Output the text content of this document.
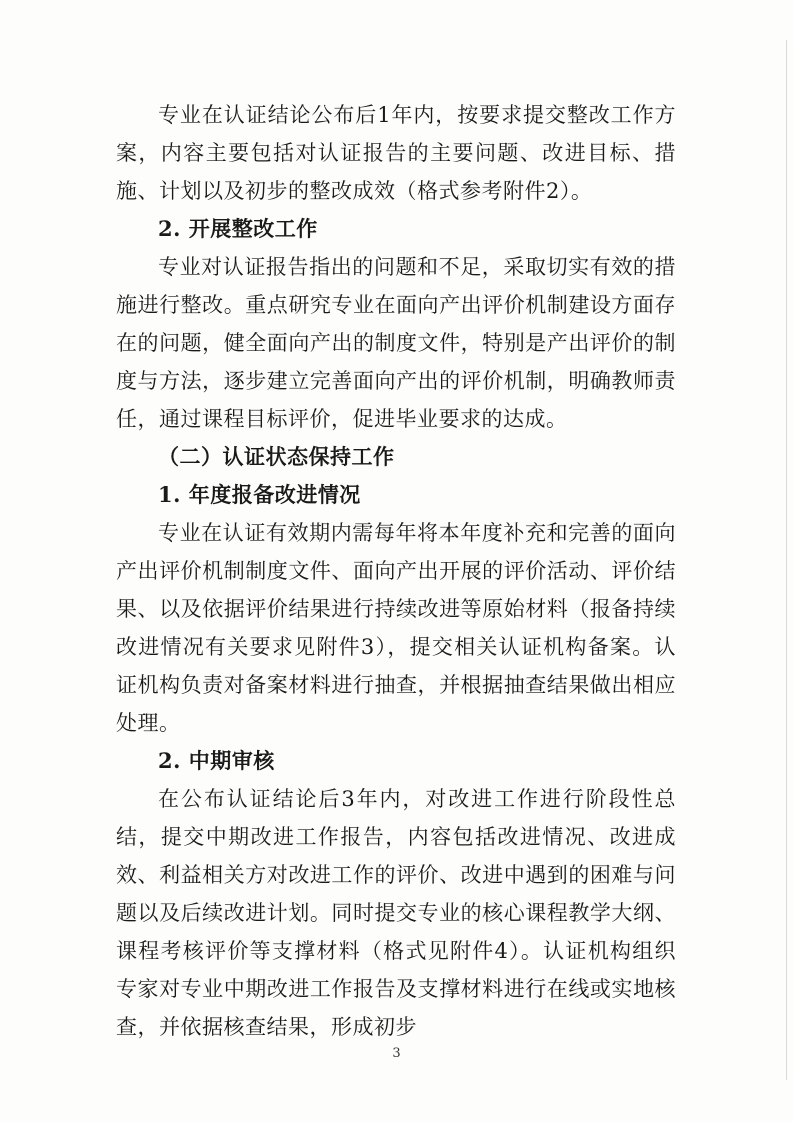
专业在认证结论公布后1年内，按要求提交整改工作方案，内容主要包括对认证报告的主要问题、改进目标、措施、计划以及初步的整改成效（格式参考附件2）。

2. 开展整改工作

专业对认证报告指出的问题和不足，采取切实有效的措施进行整改。重点研究专业在面向产出评价机制建设方面存在的问题，健全面向产出的制度文件，特别是产出评价的制度与方法，逐步建立完善面向产出的评价机制，明确教师责任，通过课程目标评价，促进毕业要求的达成。

（二）认证状态保持工作

1. 年度报备改进情况

专业在认证有效期内需每年将本年度补充和完善的面向产出评价机制制度文件、面向产出开展的评价活动、评价结果、以及依据评价结果进行持续改进等原始材料（报备持续改进情况有关要求见附件3），提交相关认证机构备案。认证机构负责对备案材料进行抽查，并根据抽查结果做出相应处理。

2. 中期审核

在公布认证结论后3年内，对改进工作进行阶段性总结，提交中期改进工作报告，内容包括改进情况、改进成效、利益相关方对改进工作的评价、改进中遇到的困难与问题以及后续改进计划。同时提交专业的核心课程教学大纲、课程考核评价等支撑材料（格式见附件4）。认证机构组织专家对专业中期改进工作报告及支撑材料进行在线或实地核查，并依据核查结果，形成初步

3
